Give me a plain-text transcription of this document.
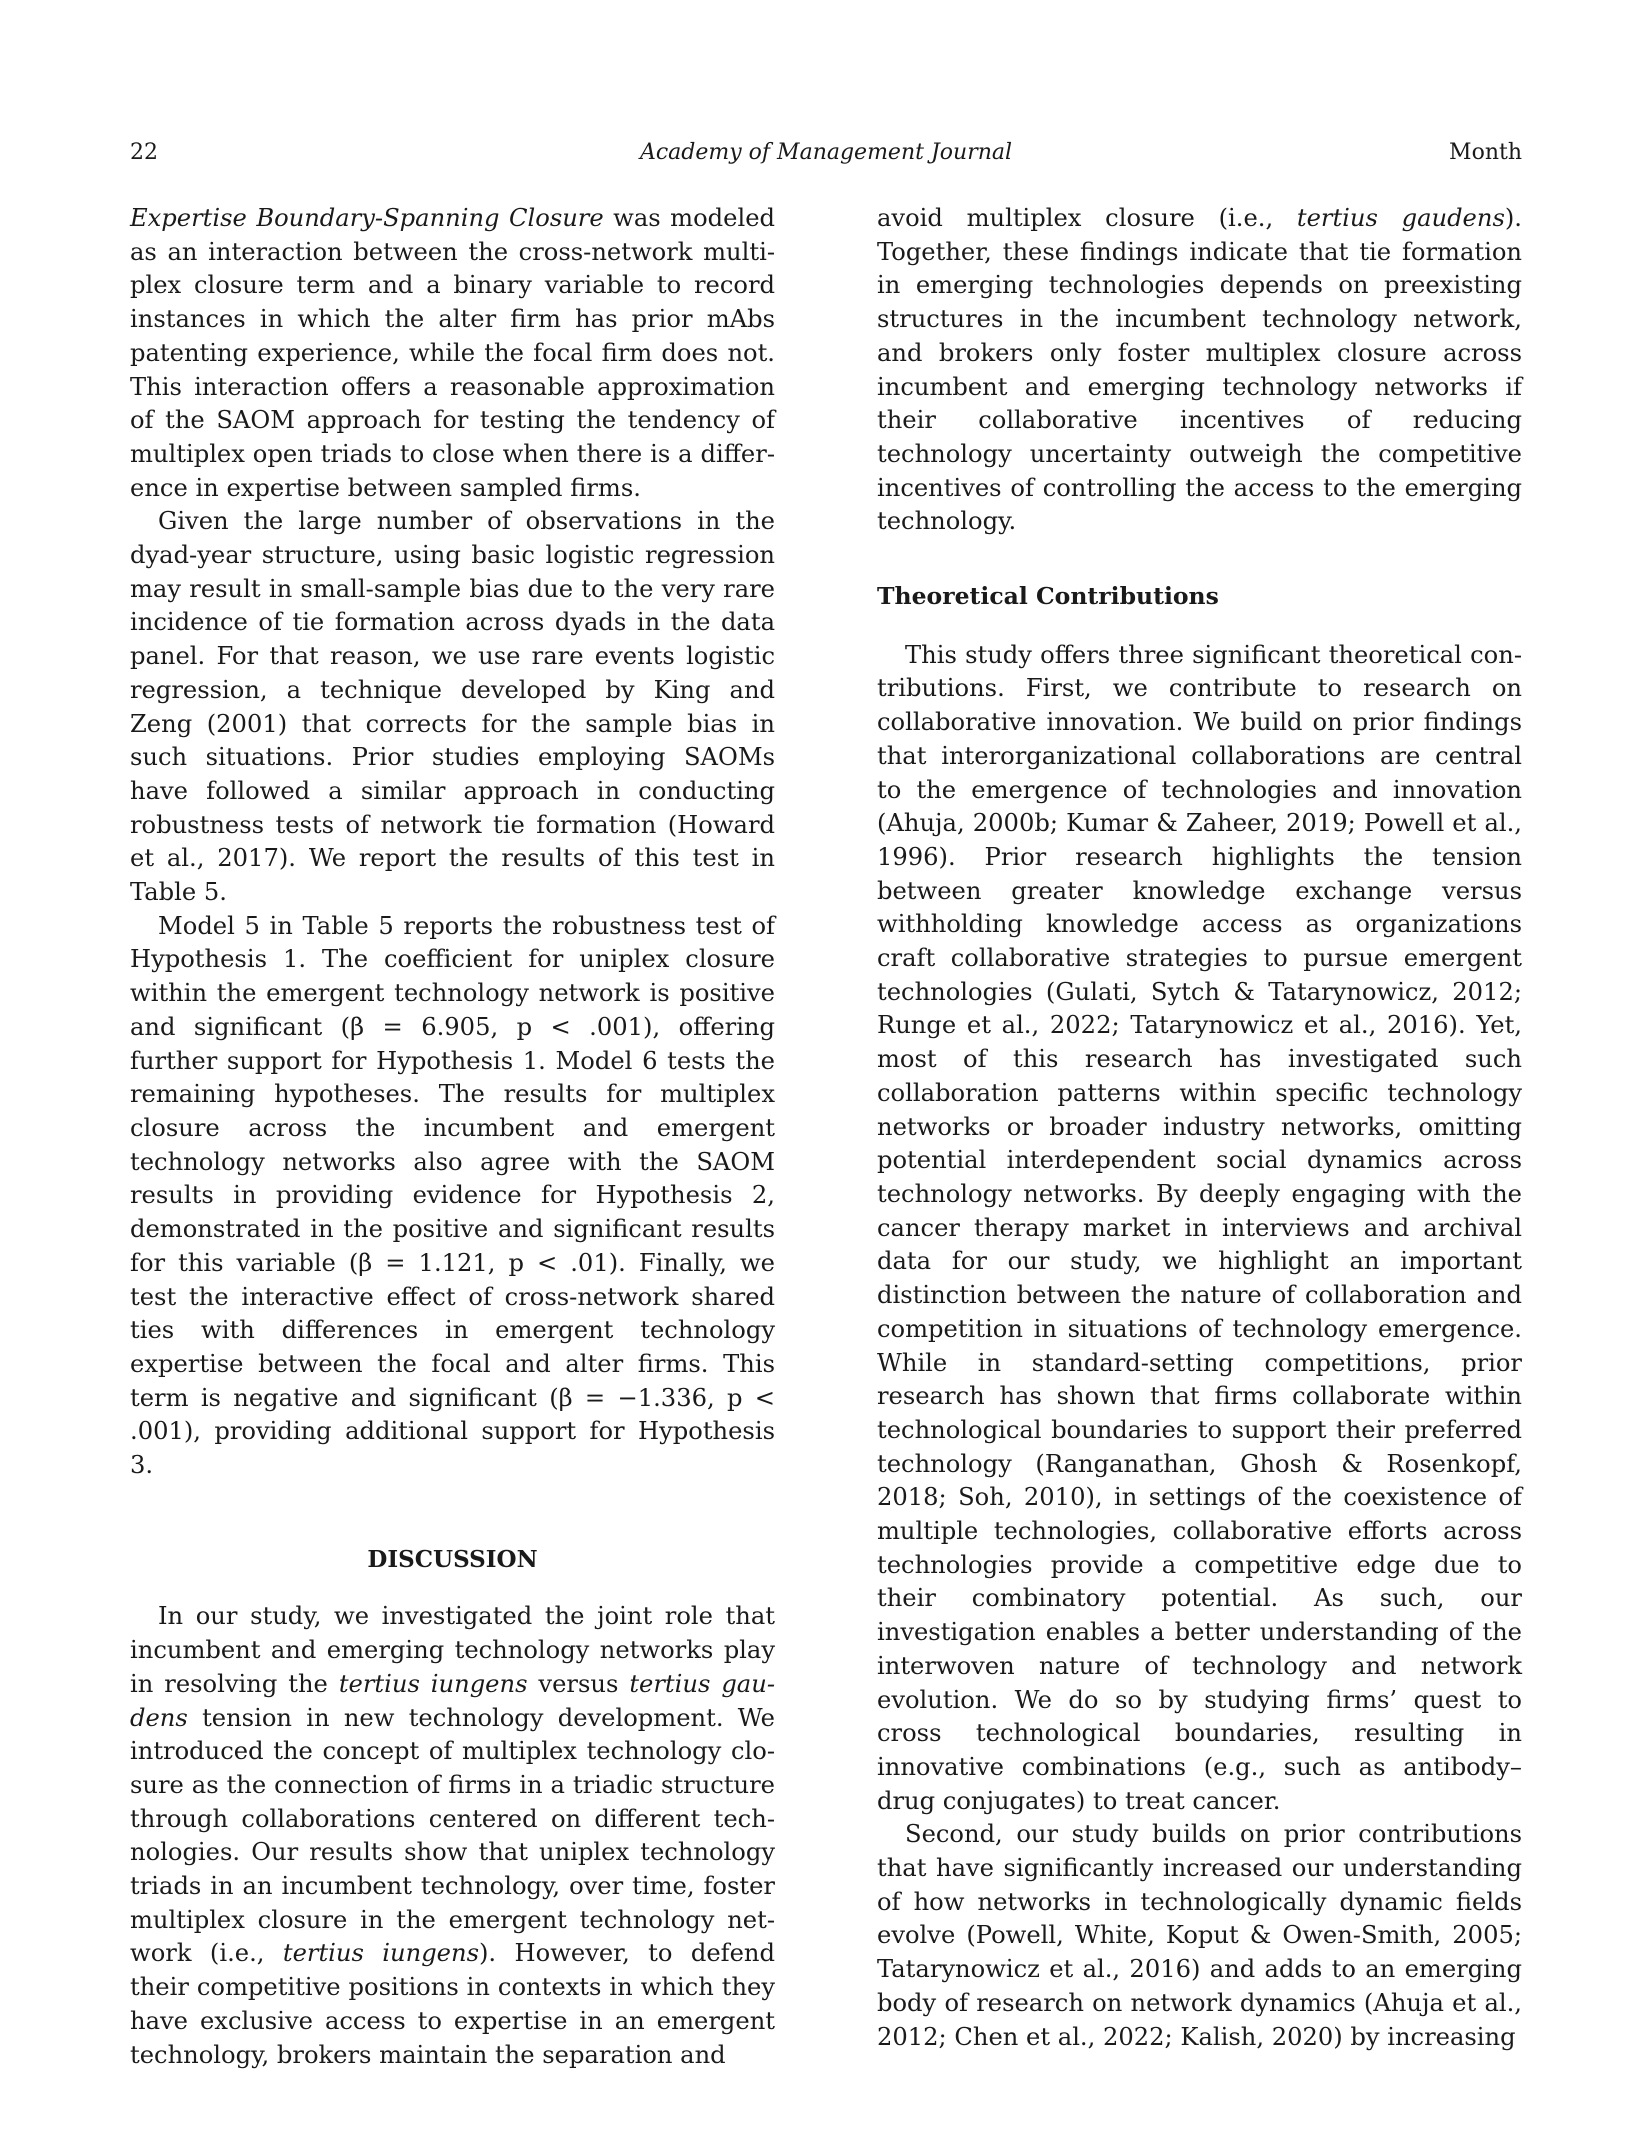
22	Academy of Management Journal	Month

Expertise Boundary-Spanning Closure was modeled as an interaction between the cross-network multiplex closure term and a binary variable to record instances in which the alter firm has prior mAbs patenting experience, while the focal firm does not. This interaction offers a reasonable approximation of the SAOM approach for testing the tendency of multiplex open triads to close when there is a difference in expertise between sampled firms.

Given the large number of observations in the dyad-year structure, using basic logistic regression may result in small-sample bias due to the very rare incidence of tie formation across dyads in the data panel. For that reason, we use rare events logistic regression, a technique developed by King and Zeng (2001) that corrects for the sample bias in such situations. Prior studies employing SAOMs have followed a similar approach in conducting robustness tests of network tie formation (Howard et al., 2017). We report the results of this test in Table 5.

Model 5 in Table 5 reports the robustness test of Hypothesis 1. The coefficient for uniplex closure within the emergent technology network is positive and significant (β = 6.905, p < .001), offering further support for Hypothesis 1. Model 6 tests the remaining hypotheses. The results for multiplex closure across the incumbent and emergent technology networks also agree with the SAOM results in providing evidence for Hypothesis 2, demonstrated in the positive and significant results for this variable (β = 1.121, p < .01). Finally, we test the interactive effect of cross-network shared ties with differences in emergent technology expertise between the focal and alter firms. This term is negative and significant (β = −1.336, p < .001), providing additional support for Hypothesis 3.

DISCUSSION

In our study, we investigated the joint role that incumbent and emerging technology networks play in resolving the tertius iungens versus tertius gaudens tension in new technology development. We introduced the concept of multiplex technology closure as the connection of firms in a triadic structure through collaborations centered on different technologies. Our results show that uniplex technology triads in an incumbent technology, over time, foster multiplex closure in the emergent technology network (i.e., tertius iungens). However, to defend their competitive positions in contexts in which they have exclusive access to expertise in an emergent technology, brokers maintain the separation and

avoid multiplex closure (i.e., tertius gaudens). Together, these findings indicate that tie formation in emerging technologies depends on preexisting structures in the incumbent technology network, and brokers only foster multiplex closure across incumbent and emerging technology networks if their collaborative incentives of reducing technology uncertainty outweigh the competitive incentives of controlling the access to the emerging technology.

Theoretical Contributions

This study offers three significant theoretical contributions. First, we contribute to research on collaborative innovation. We build on prior findings that interorganizational collaborations are central to the emergence of technologies and innovation (Ahuja, 2000b; Kumar & Zaheer, 2019; Powell et al., 1996). Prior research highlights the tension between greater knowledge exchange versus withholding knowledge access as organizations craft collaborative strategies to pursue emergent technologies (Gulati, Sytch & Tatarynowicz, 2012; Runge et al., 2022; Tatarynowicz et al., 2016). Yet, most of this research has investigated such collaboration patterns within specific technology networks or broader industry networks, omitting potential interdependent social dynamics across technology networks. By deeply engaging with the cancer therapy market in interviews and archival data for our study, we highlight an important distinction between the nature of collaboration and competition in situations of technology emergence. While in standard-setting competitions, prior research has shown that firms collaborate within technological boundaries to support their preferred technology (Ranganathan, Ghosh & Rosenkopf, 2018; Soh, 2010), in settings of the coexistence of multiple technologies, collaborative efforts across technologies provide a competitive edge due to their combinatory potential. As such, our investigation enables a better understanding of the interwoven nature of technology and network evolution. We do so by studying firms’ quest to cross technological boundaries, resulting in innovative combinations (e.g., such as antibody–drug conjugates) to treat cancer.

Second, our study builds on prior contributions that have significantly increased our understanding of how networks in technologically dynamic fields evolve (Powell, White, Koput & Owen-Smith, 2005; Tatarynowicz et al., 2016) and adds to an emerging body of research on network dynamics (Ahuja et al., 2012; Chen et al., 2022; Kalish, 2020) by increasing
